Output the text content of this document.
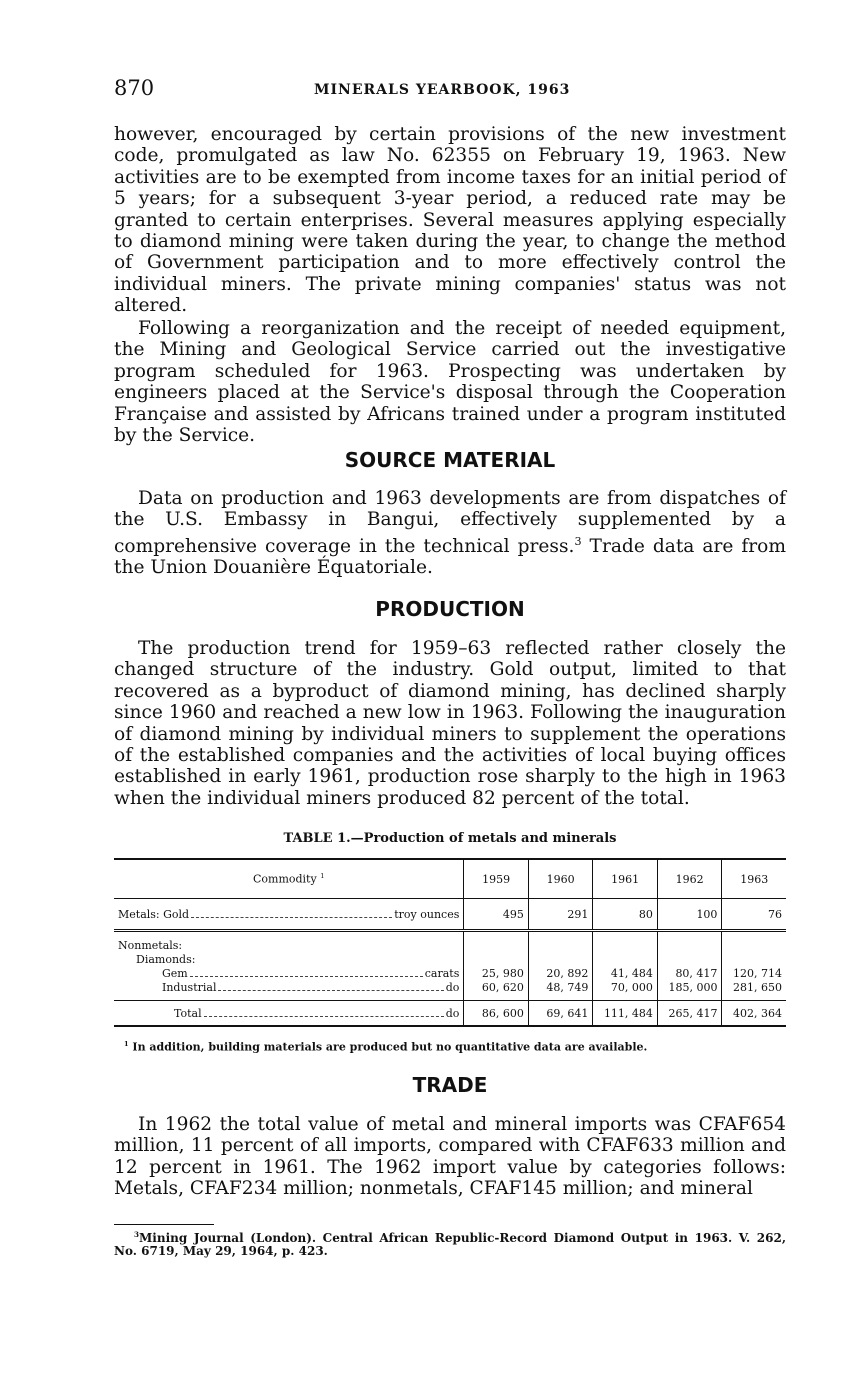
870	MINERALS YEARBOOK, 1963

however, encouraged by certain provisions of the new investment code, promulgated as law No. 62355 on February 19, 1963. New activities are to be exempted from income taxes for an initial period of 5 years; for a subsequent 3-year period, a reduced rate may be granted to certain enterprises. Several measures applying especially to diamond mining were taken during the year, to change the method of Government participation and to more effectively control the individual miners. The private mining companies' status was not altered.

Following a reorganization and the receipt of needed equipment, the Mining and Geological Service carried out the investigative program scheduled for 1963. Prospecting was undertaken by engineers placed at the Service's disposal through the Cooperation Française and assisted by Africans trained under a program instituted by the Service.

SOURCE MATERIAL

Data on production and 1963 developments are from dispatches of the U.S. Embassy in Bangui, effectively supplemented by a comprehensive coverage in the technical press.$^3$ Trade data are from the Union Douanière Équatoriale.

PRODUCTION

The production trend for 1959–63 reflected rather closely the changed structure of the industry. Gold output, limited to that recovered as a byproduct of diamond mining, has declined sharply since 1960 and reached a new low in 1963. Following the inauguration of diamond mining by individual miners to supplement the operations of the established companies and the activities of local buying offices established in early 1961, production rose sharply to the high in 1963 when the individual miners produced 82 percent of the total.

TABLE 1.—Production of metals and minerals
Commodity $^1$	1959	1960	1961	1962	1963

Metals: Gold troy ounces	495	291	80	100	76
Nonmetals:					
Diamonds:					

Gem carats	25, 980	20, 892	41, 484	80, 417	120, 714

Industrial do	60, 620	48, 749	70, 000	185, 000	281, 650

Total do	86, 600	69, 641	111, 484	265, 417	402, 364
$^1$ In addition, building materials are produced but no quantitative data are available.
TRADE

In 1962 the total value of metal and mineral imports was CFAF654 million, 11 percent of all imports, compared with CFAF633 million and 12 percent in 1961. The 1962 import value by categories follows: Metals, CFAF234 million; nonmetals, CFAF145 million; and mineral

$^3$Mining Journal (London). Central African Republic-Record Diamond Output in 1963. V. 262, No. 6719, May 29, 1964, p. 423.
